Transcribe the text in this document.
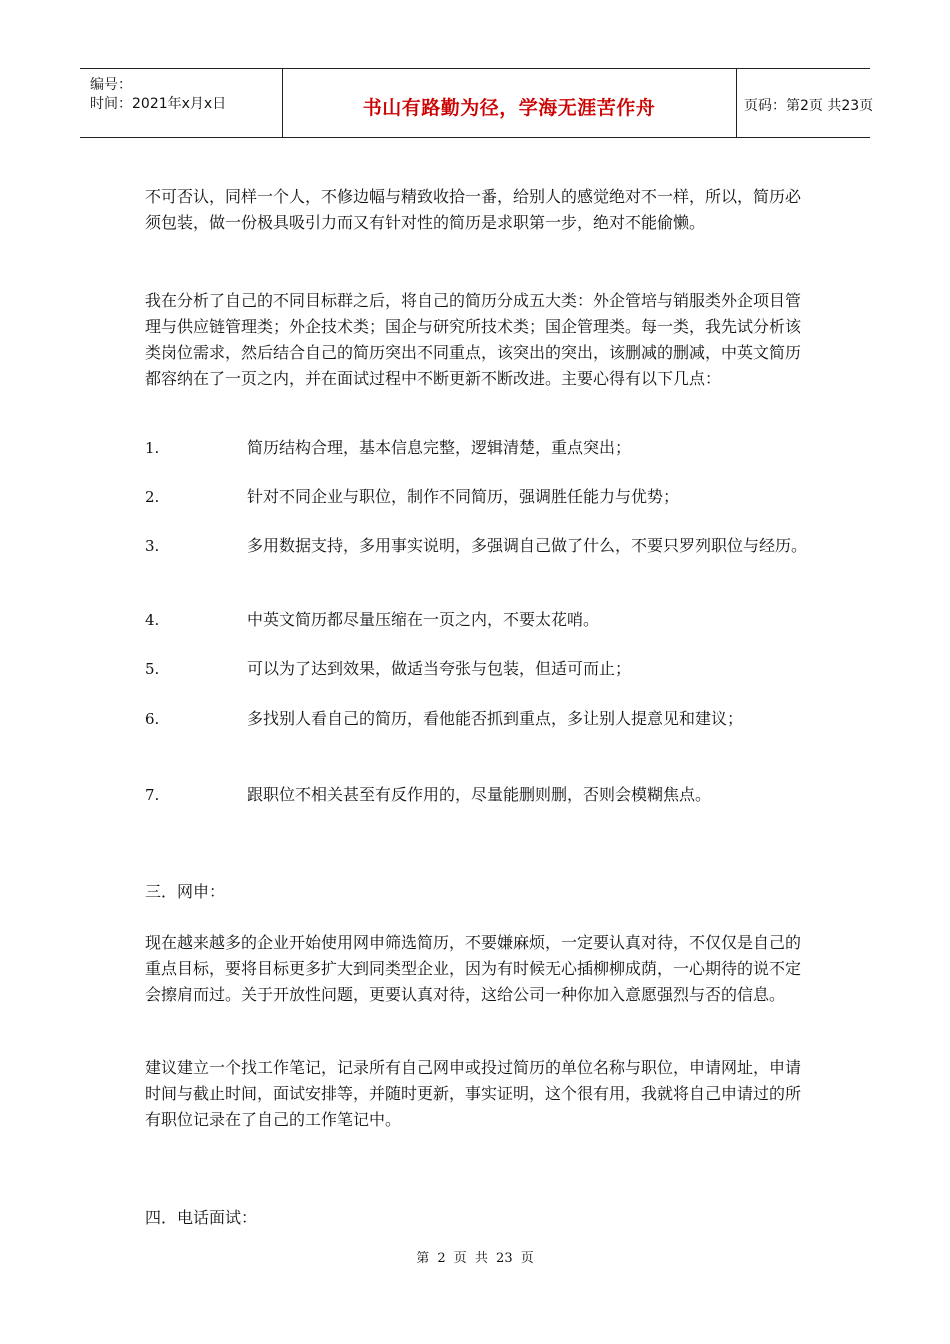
编号：
时间：2021年x月x日	书山有路勤为径，学海无涯苦作舟	页码：第2页 共23页

不可否认，同样一个人，不修边幅与精致收拾一番，给别人的感觉绝对不一样，所以，简历必须包装，做一份极具吸引力而又有针对性的简历是求职第一步，绝对不能偷懒。

我在分析了自己的不同目标群之后，将自己的简历分成五大类：外企管培与销服类外企项目管理与供应链管理类；外企技术类；国企与研究所技术类；国企管理类。每一类，我先试分析该类岗位需求，然后结合自己的简历突出不同重点，该突出的突出，该删减的删减，中英文简历都容纳在了一页之内，并在面试过程中不断更新不断改进。主要心得有以下几点：

1.	简历结构合理，基本信息完整，逻辑清楚，重点突出；
2.	针对不同企业与职位，制作不同简历，强调胜任能力与优势；
3.	多用数据支持，多用事实说明，多强调自己做了什么，不要只罗列职位与经历。
4.	中英文简历都尽量压缩在一页之内，不要太花哨。
5.	可以为了达到效果，做适当夸张与包装，但适可而止；
6.	多找别人看自己的简历，看他能否抓到重点，多让别人提意见和建议；
7.	跟职位不相关甚至有反作用的，尽量能删则删，否则会模糊焦点。
三．网申：

现在越来越多的企业开始使用网申筛选简历，不要嫌麻烦，一定要认真对待，不仅仅是自己的重点目标，要将目标更多扩大到同类型企业，因为有时候无心插柳柳成荫，一心期待的说不定会擦肩而过。关于开放性问题，更要认真对待，这给公司一种你加入意愿强烈与否的信息。

建议建立一个找工作笔记，记录所有自己网申或投过简历的单位名称与职位，申请网址，申请时间与截止时间，面试安排等，并随时更新，事实证明，这个很有用，我就将自己申请过的所有职位记录在了自己的工作笔记中。

四．电话面试：
第 2 页 共 23 页
